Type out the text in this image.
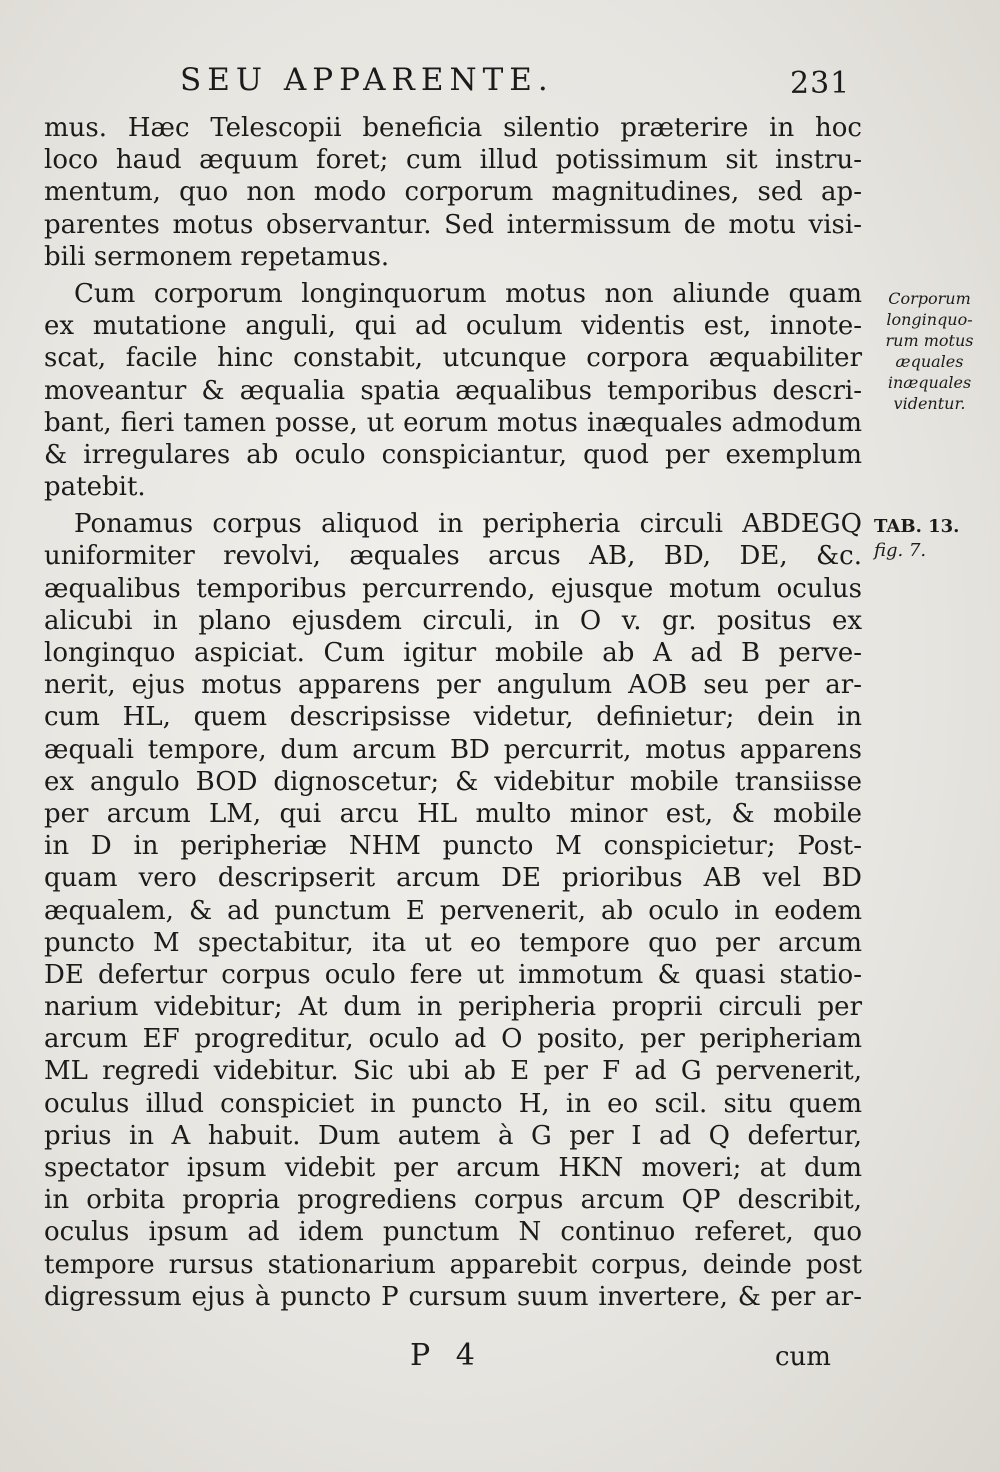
SEU APPARENTE.	231
mus. Hæc Telescopii beneficia silentio præterire in hoc
loco haud æquum foret; cum illud potissimum sit instru-
mentum, quo non modo corporum magnitudines, sed ap-
parentes motus observantur. Sed intermissum de motu visi-
bili sermonem repetamus.
Cum corporum longinquorum motus non aliunde quam
ex mutatione anguli, qui ad oculum videntis est, innote-
scat, facile hinc constabit, utcunque corpora æquabiliter
moveantur & æqualia spatia æqualibus temporibus descri-
bant, fieri tamen posse, ut eorum motus inæquales admodum
& irregulares ab oculo conspiciantur, quod per exemplum
patebit.
Ponamus corpus aliquod in peripheria circuli ABDEGQ
uniformiter revolvi, æquales arcus AB, BD, DE, &c.
æqualibus temporibus percurrendo, ejusque motum oculus
alicubi in plano ejusdem circuli, in O v. gr. positus ex
longinquo aspiciat. Cum igitur mobile ab A ad B perve-
nerit, ejus motus apparens per angulum AOB seu per ar-
cum HL, quem descripsisse videtur, definietur; dein in
æquali tempore, dum arcum BD percurrit, motus apparens
ex angulo BOD dignoscetur; & videbitur mobile transiisse
per arcum LM, qui arcu HL multo minor est, & mobile
in D in peripheriæ NHM puncto M conspicietur; Post-
quam vero descripserit arcum DE prioribus AB vel BD
æqualem, & ad punctum E pervenerit, ab oculo in eodem
puncto M spectabitur, ita ut eo tempore quo per arcum
DE defertur corpus oculo fere ut immotum & quasi statio-
narium videbitur; At dum in peripheria proprii circuli per
arcum EF progreditur, oculo ad O posito, per peripheriam
ML regredi videbitur. Sic ubi ab E per F ad G pervenerit,
oculus illud conspiciet in puncto H, in eo scil. situ quem
prius in A habuit. Dum autem à G per I ad Q defertur,
spectator ipsum videbit per arcum HKN moveri; at dum
in orbita propria progrediens corpus arcum QP describit,
oculus ipsum ad idem punctum N continuo referet, quo
tempore rursus stationarium apparebit corpus, deinde post
digressum ejus à puncto P cursum suum invertere, & per ar-
Corporum
longinquo-
rum motus
æquales
inæquales
videntur.
TAB. 13.
fig. 7.
P 4	cum
